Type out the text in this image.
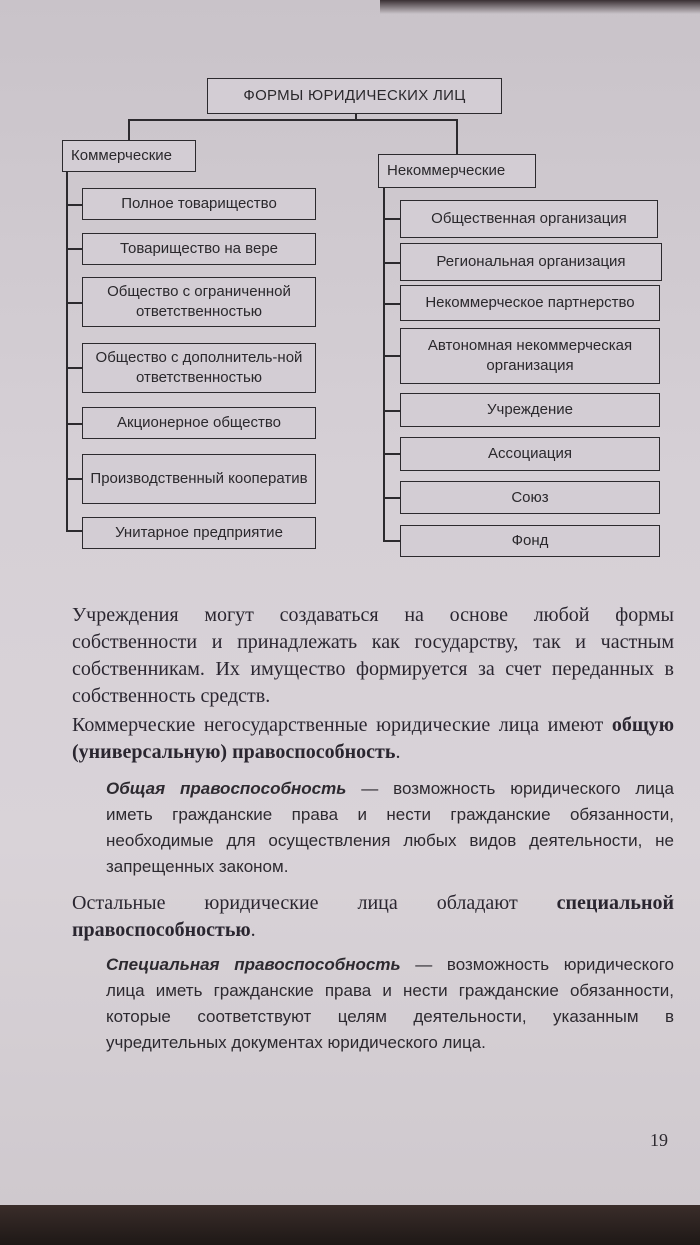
ФОРМЫ ЮРИДИЧЕСКИХ ЛИЦ
Коммерческие
Некоммерческие
Полное товарищество
Товарищество на вере
Общество с ограниченной ответственностью
Общество с дополнитель-ной ответственностью
Акционерное общество
Производственный кооператив
Унитарное предприятие
Общественная организация
Региональная организация
Некоммерческое партнерство
Автономная некоммерческая организация
Учреждение
Ассоциация
Союз
Фонд

Учреждения могут создаваться на основе любой формы собственности и принадлежать как государству, так и частным собственникам. Их имущество формируется за счет переданных в собственность средств.

Коммерческие негосударственные юридические лица имеют общую (универсальную) правоспособность.

Общая правоспособность — возможность юридического лица иметь гражданские права и нести гражданские обязанности, необходимые для осуществления любых видов деятельности, не запрещенных законом.

Остальные юридические лица обладают специальной правоспособностью.

Специальная правоспособность — возможность юридического лица иметь гражданские права и нести гражданские обязанности, которые соответствуют целям деятельности, указанным в учредительных документах юридического лица.

19
